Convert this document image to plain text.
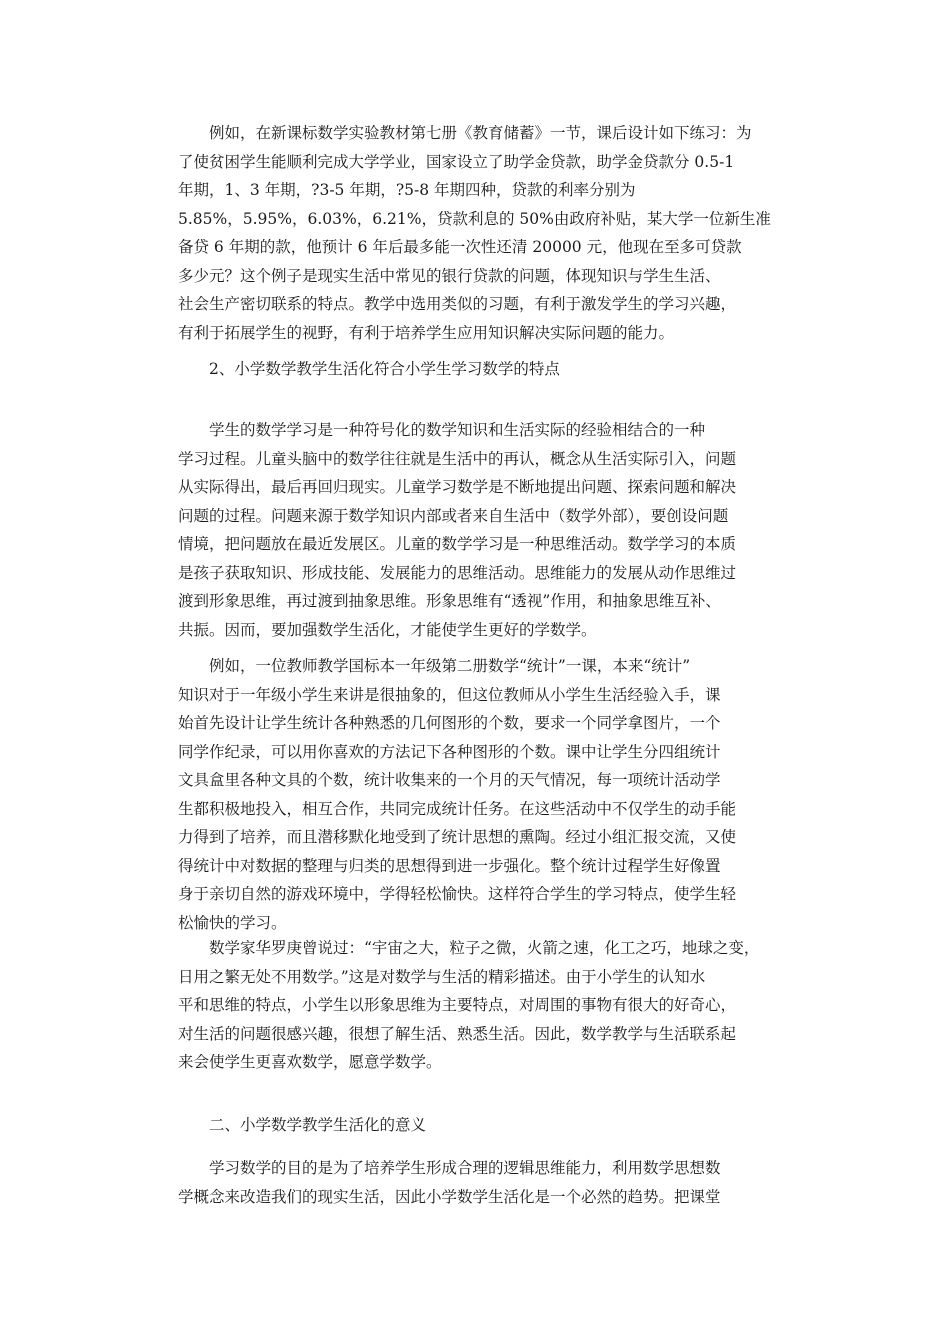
例如，在新课标数学实验教材第七册《教育储蓄》一节，课后设计如下练习：为
了使贫困学生能顺利完成大学学业，国家设立了助学金贷款，助学金贷款分 0.5-1
年期，1、3 年期，?3-5 年期，?5-8 年期四种，贷款的利率分别为
5.85%，5.95%，6.03%，6.21%，贷款利息的 50%由政府补贴，某大学一位新生准
备贷 6 年期的款，他预计 6 年后最多能一次性还清 20000 元，他现在至多可贷款
多少元？这个例子是现实生活中常见的银行贷款的问题，体现知识与学生生活、
社会生产密切联系的特点。教学中选用类似的习题，有利于激发学生的学习兴趣，
有利于拓展学生的视野，有利于培养学生应用知识解决实际问题的能力。
2、小学数学教学生活化符合小学生学习数学的特点
学生的数学学习是一种符号化的数学知识和生活实际的经验相结合的一种
学习过程。儿童头脑中的数学往往就是生活中的再认，概念从生活实际引入，问题
从实际得出，最后再回归现实。儿童学习数学是不断地提出问题、探索问题和解决
问题的过程。问题来源于数学知识内部或者来自生活中（数学外部），要创设问题
情境，把问题放在最近发展区。儿童的数学学习是一种思维活动。数学学习的本质
是孩子获取知识、形成技能、发展能力的思维活动。思维能力的发展从动作思维过
渡到形象思维，再过渡到抽象思维。形象思维有“透视”作用，和抽象思维互补、
共振。因而，要加强数学生活化，才能使学生更好的学数学。
例如，一位教师教学国标本一年级第二册数学“统计”一课，本来“统计”
知识对于一年级小学生来讲是很抽象的，但这位教师从小学生生活经验入手，课
始首先设计让学生统计各种熟悉的几何图形的个数，要求一个同学拿图片，一个
同学作纪录，可以用你喜欢的方法记下各种图形的个数。课中让学生分四组统计
文具盒里各种文具的个数，统计收集来的一个月的天气情况，每一项统计活动学
生都积极地投入，相互合作，共同完成统计任务。在这些活动中不仅学生的动手能
力得到了培养，而且潜移默化地受到了统计思想的熏陶。经过小组汇报交流，又使
得统计中对数据的整理与归类的思想得到进一步强化。整个统计过程学生好像置
身于亲切自然的游戏环境中，学得轻松愉快。这样符合学生的学习特点，使学生轻
松愉快的学习。
数学家华罗庚曾说过：“宇宙之大，粒子之微，火箭之速，化工之巧，地球之变，
日用之繁无处不用数学。”这是对数学与生活的精彩描述。由于小学生的认知水
平和思维的特点，小学生以形象思维为主要特点，对周围的事物有很大的好奇心，
对生活的问题很感兴趣，很想了解生活、熟悉生活。因此，数学教学与生活联系起
来会使学生更喜欢数学，愿意学数学。
二、小学数学教学生活化的意义
学习数学的目的是为了培养学生形成合理的逻辑思维能力，利用数学思想数
学概念来改造我们的现实生活，因此小学数学生活化是一个必然的趋势。把课堂
